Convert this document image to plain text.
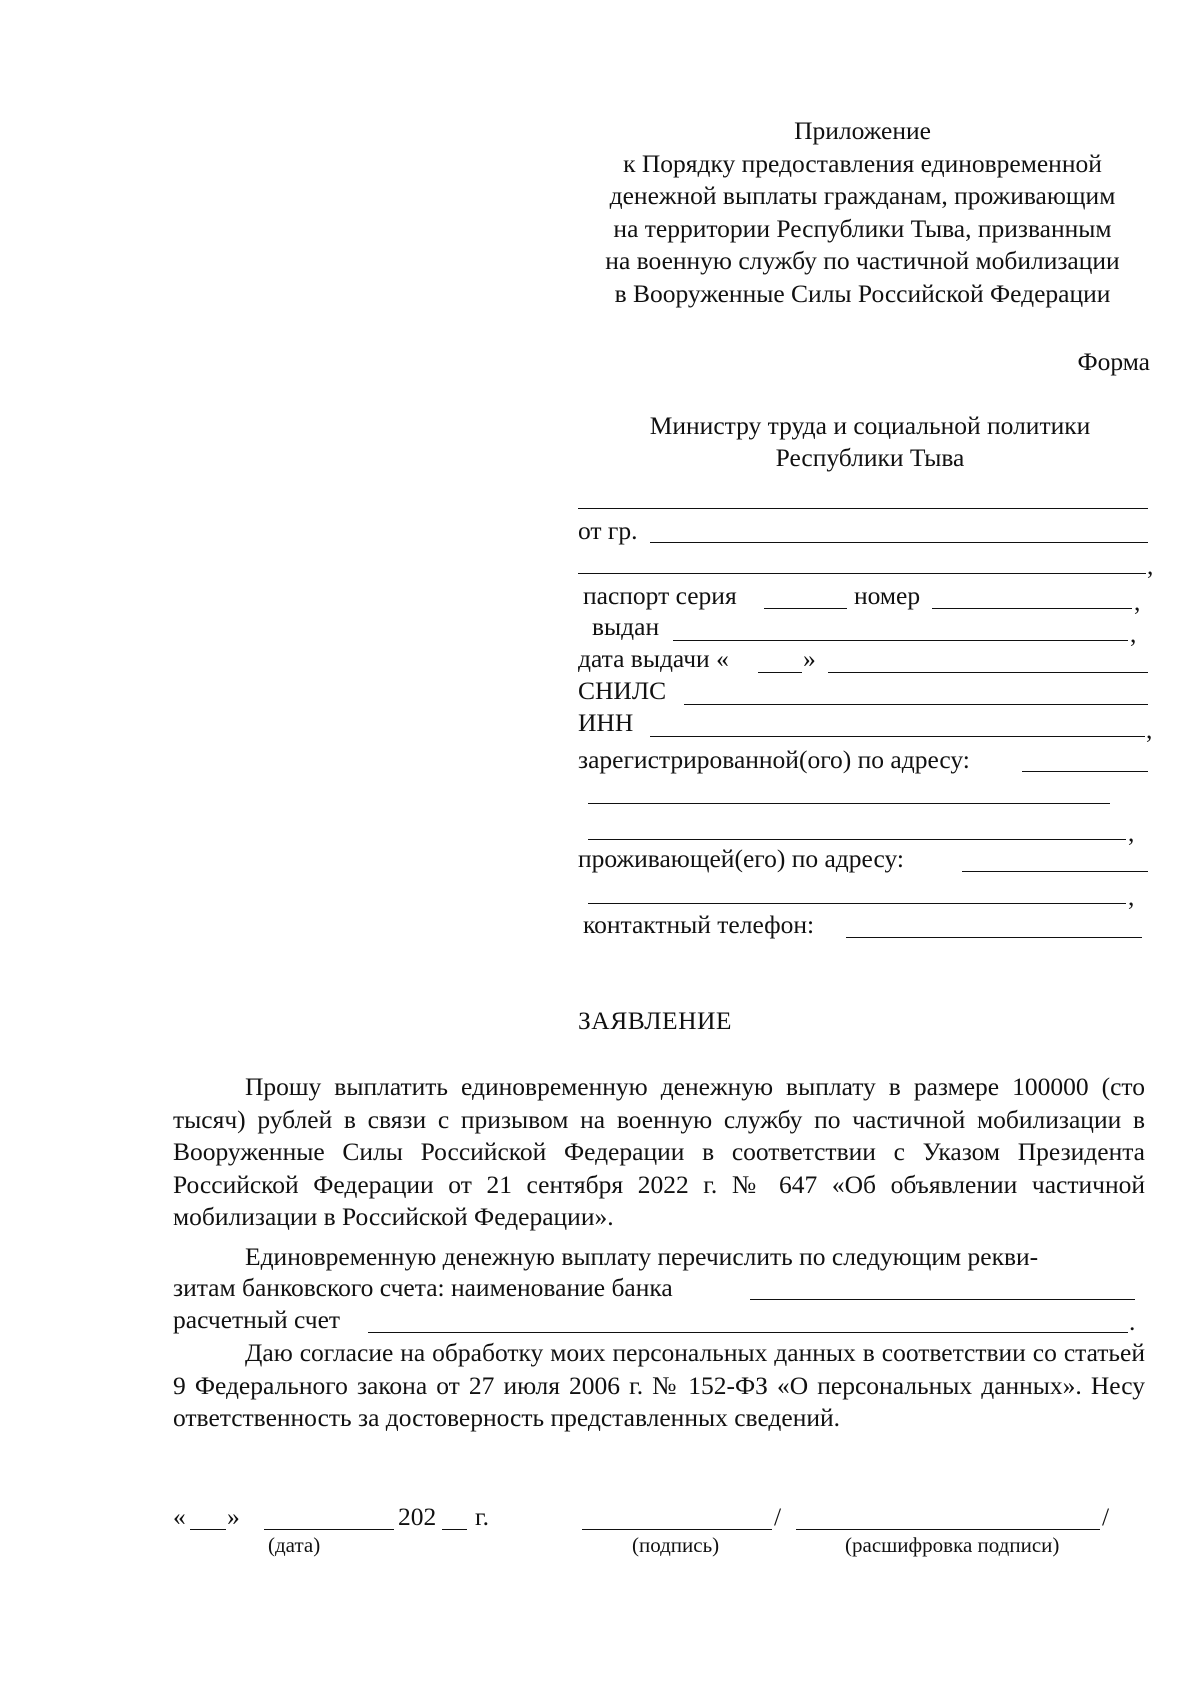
Приложение
к Порядку предоставления единовременной
денежной выплаты гражданам, проживающим
на территории Республики Тыва, призванным
на военную службу по частичной мобилизации
в Вооруженные Силы Российской Федерации
Форма
Министру труда и социальной политики
Республики Тыва
от гр.
,
паспорт серия	номер	,
выдан	,
дата выдачи «	»
СНИЛС
ИНН	,
зарегистрированной(ого) по адресу:
,
проживающей(его) по адресу:
,
контактный телефон:
ЗАЯВЛЕНИЕ
Прошу выплатить единовременную денежную выплату в размере 100000 (сто тысяч) рублей в связи с призывом на военную службу по частичной мобилизации в Вооруженные Силы Российской Федерации в соответствии с Указом Президента Российской Федерации от 21 сентября 2022 г. № 647 «Об объявлении частичной мобилизации в Российской Федерации».
Единовременную денежную выплату перечислить по следующим рекви-
зитам банковского счета: наименование банка
расчетный счет	.
Даю согласие на обработку моих персональных данных в соответствии со статьей 9 Федерального закона от 27 июля 2006 г. № 152-ФЗ «О персональных данных». Несу ответственность за достоверность представленных сведений.
« »	202 г.
(дата)
/	/
(подпись)	(расшифровка подписи)
